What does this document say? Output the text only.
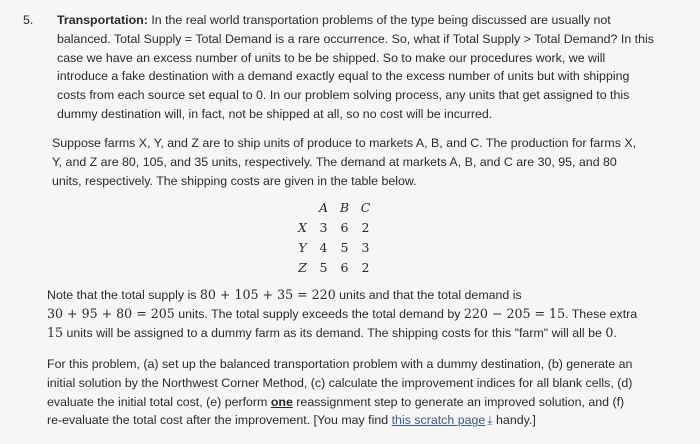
5. Transportation: In the real world transportation problems of the type being discussed are usually not
balanced. Total Supply = Total Demand is a rare occurrence. So, what if Total Supply > Total Demand? In this
case we have an excess number of units to be be shipped. So to make our procedures work, we will
introduce a fake destination with a demand exactly equal to the excess number of units but with shipping
costs from each source set equal to 0. In our problem solving process, any units that get assigned to this
dummy destination will, in fact, not be shipped at all, so no cost will be incurred.
Suppose farms X, Y, and Z are to ship units of produce to markets A, B, and C. The production for farms X,
Y, and Z are 80, 105, and 35 units, respectively. The demand at markets A, B, and C are 30, 95, and 80
units, respectively. The shipping costs are given in the table below.
	A	B	C
X	3	6	2
Y	4	5	3
Z	5	6	2
Note that the total supply is 80 + 105 + 35 = 220 units and that the total demand is
30 + 95 + 80 = 205 units. The total supply exceeds the total demand by 220 − 205 = 15. These extra
15 units will be assigned to a dummy farm as its demand. The shipping costs for this "farm" will all be 0.
For this problem, (a) set up the balanced transportation problem with a dummy destination, (b) generate an
initial solution by the Northwest Corner Method, (c) calculate the improvement indices for all blank cells, (d)
evaluate the initial total cost, (e) perform one reassignment step to generate an improved solution, and (f)
re-evaluate the total cost after the improvement. [You may find this scratch page ⤓ handy.]
